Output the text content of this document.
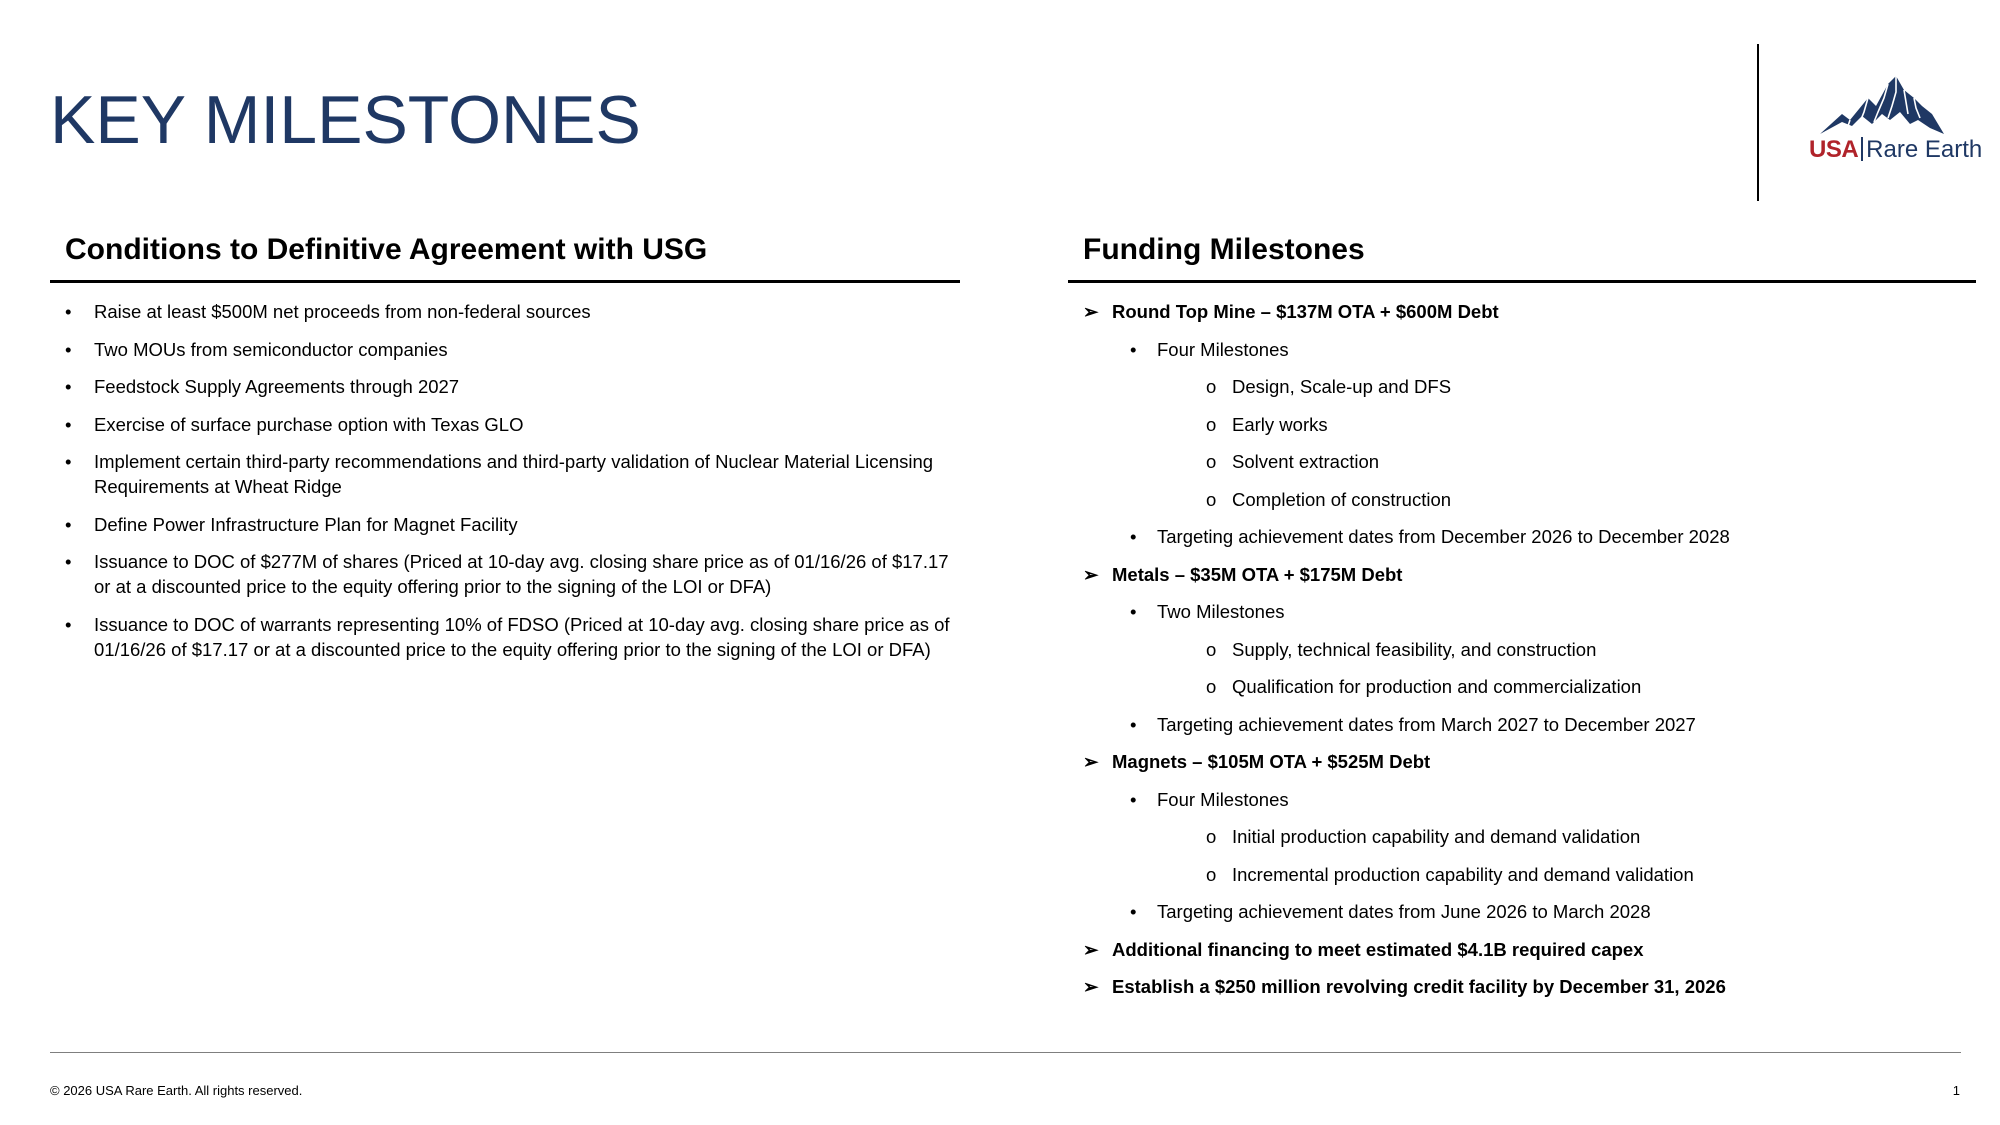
KEY MILESTONES	USA Rare Earth
Conditions to Definitive Agreement with USG
• Raise at least $500M net proceeds from non-federal sources
• Two MOUs from semiconductor companies
• Feedstock Supply Agreements through 2027
• Exercise of surface purchase option with Texas GLO
• Implement certain third-party recommendations and third-party validation of Nuclear Material Licensing Requirements at Wheat Ridge
• Define Power Infrastructure Plan for Magnet Facility
• Issuance to DOC of $277M of shares (Priced at 10-day avg. closing share price as of 01/16/26 of $17.17 or at a discounted price to the equity offering prior to the signing of the LOI or DFA)
• Issuance to DOC of warrants representing 10% of FDSO (Priced at 10-day avg. closing share price as of 01/16/26 of $17.17 or at a discounted price to the equity offering prior to the signing of the LOI or DFA)
Funding Milestones
➢ Round Top Mine – $137M OTA + $600M Debt
• Four Milestones
o Design, Scale-up and DFS
o Early works
o Solvent extraction
o Completion of construction
• Targeting achievement dates from December 2026 to December 2028
➢ Metals – $35M OTA + $175M Debt
• Two Milestones
o Supply, technical feasibility, and construction
o Qualification for production and commercialization
• Targeting achievement dates from March 2027 to December 2027
➢ Magnets – $105M OTA + $525M Debt
• Four Milestones
o Initial production capability and demand validation
o Incremental production capability and demand validation
• Targeting achievement dates from June 2026 to March 2028
➢ Additional financing to meet estimated $4.1B required capex
➢ Establish a $250 million revolving credit facility by December 31, 2026
© 2026 USA Rare Earth. All rights reserved.	1
